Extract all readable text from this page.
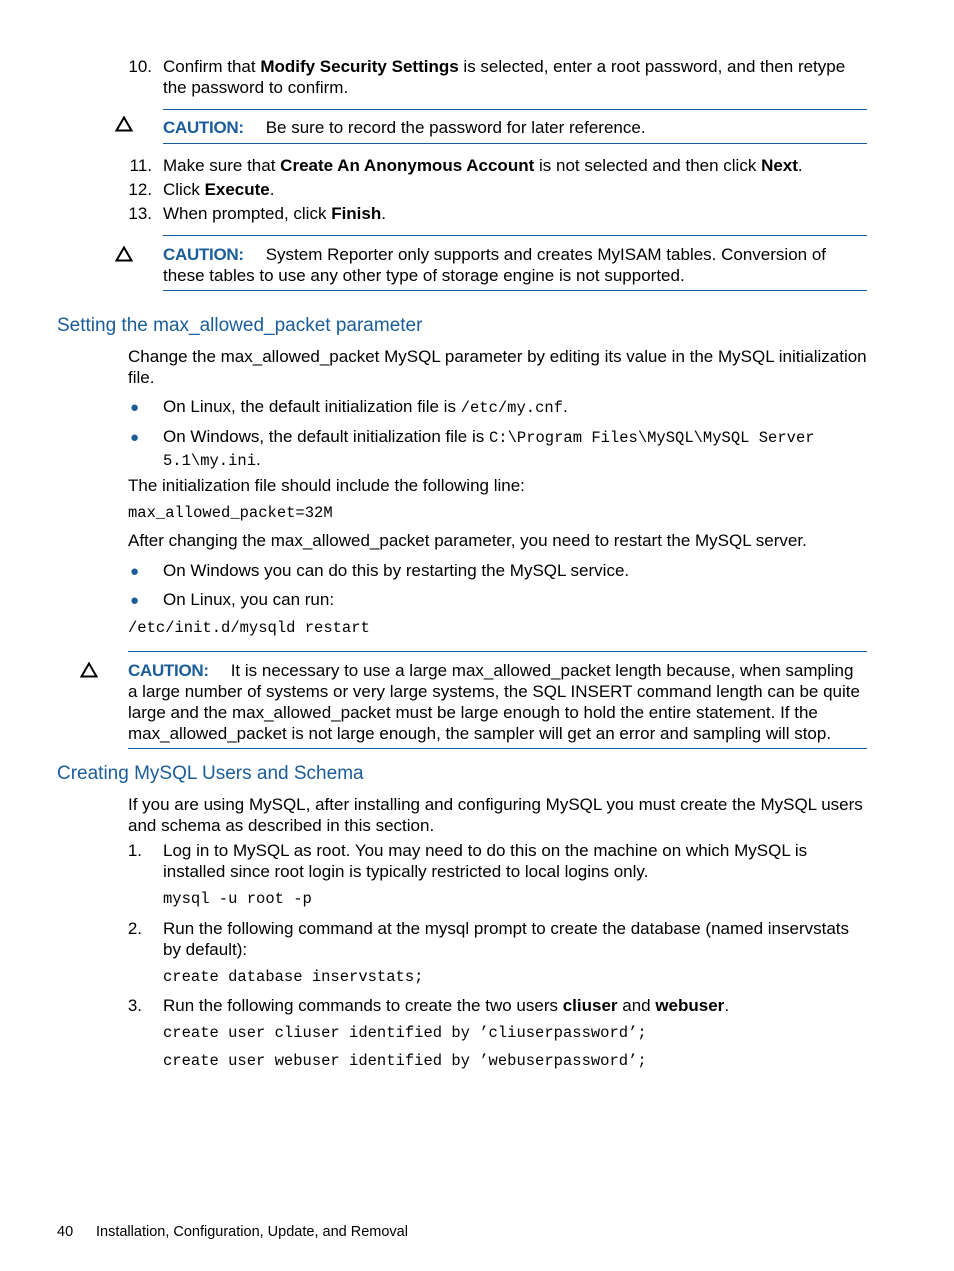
10. Confirm that Modify Security Settings is selected, enter a root password, and then retype the password to confirm.
CAUTION: Be sure to record the password for later reference.
11. Make sure that Create An Anonymous Account is not selected and then click Next.
12. Click Execute.
13. When prompted, click Finish.
CAUTION: System Reporter only supports and creates MyISAM tables. Conversion of these tables to use any other type of storage engine is not supported.
Setting the max_allowed_packet parameter
Change the max_allowed_packet MySQL parameter by editing its value in the MySQL initialization file.
● On Linux, the default initialization file is /etc/my.cnf.
● On Windows, the default initialization file is C:\Program Files\MySQL\MySQL Server 5.1\my.ini.
The initialization file should include the following line:
max_allowed_packet=32M
After changing the max_allowed_packet parameter, you need to restart the MySQL server.
● On Windows you can do this by restarting the MySQL service.
● On Linux, you can run:
/etc/init.d/mysqld restart
CAUTION: It is necessary to use a large max_allowed_packet length because, when sampling a large number of systems or very large systems, the SQL INSERT command length can be quite large and the max_allowed_packet must be large enough to hold the entire statement. If the max_allowed_packet is not large enough, the sampler will get an error and sampling will stop.
Creating MySQL Users and Schema
If you are using MySQL, after installing and configuring MySQL you must create the MySQL users and schema as described in this section.
1. Log in to MySQL as root. You may need to do this on the machine on which MySQL is installed since root login is typically restricted to local logins only.
mysql -u root -p
2. Run the following command at the mysql prompt to create the database (named inservstats by default):
create database inservstats;
3. Run the following commands to create the two users cliuser and webuser.
create user cliuser identified by ’cliuserpassword’;
create user webuser identified by ’webuserpassword’;
40 Installation, Configuration, Update, and Removal
